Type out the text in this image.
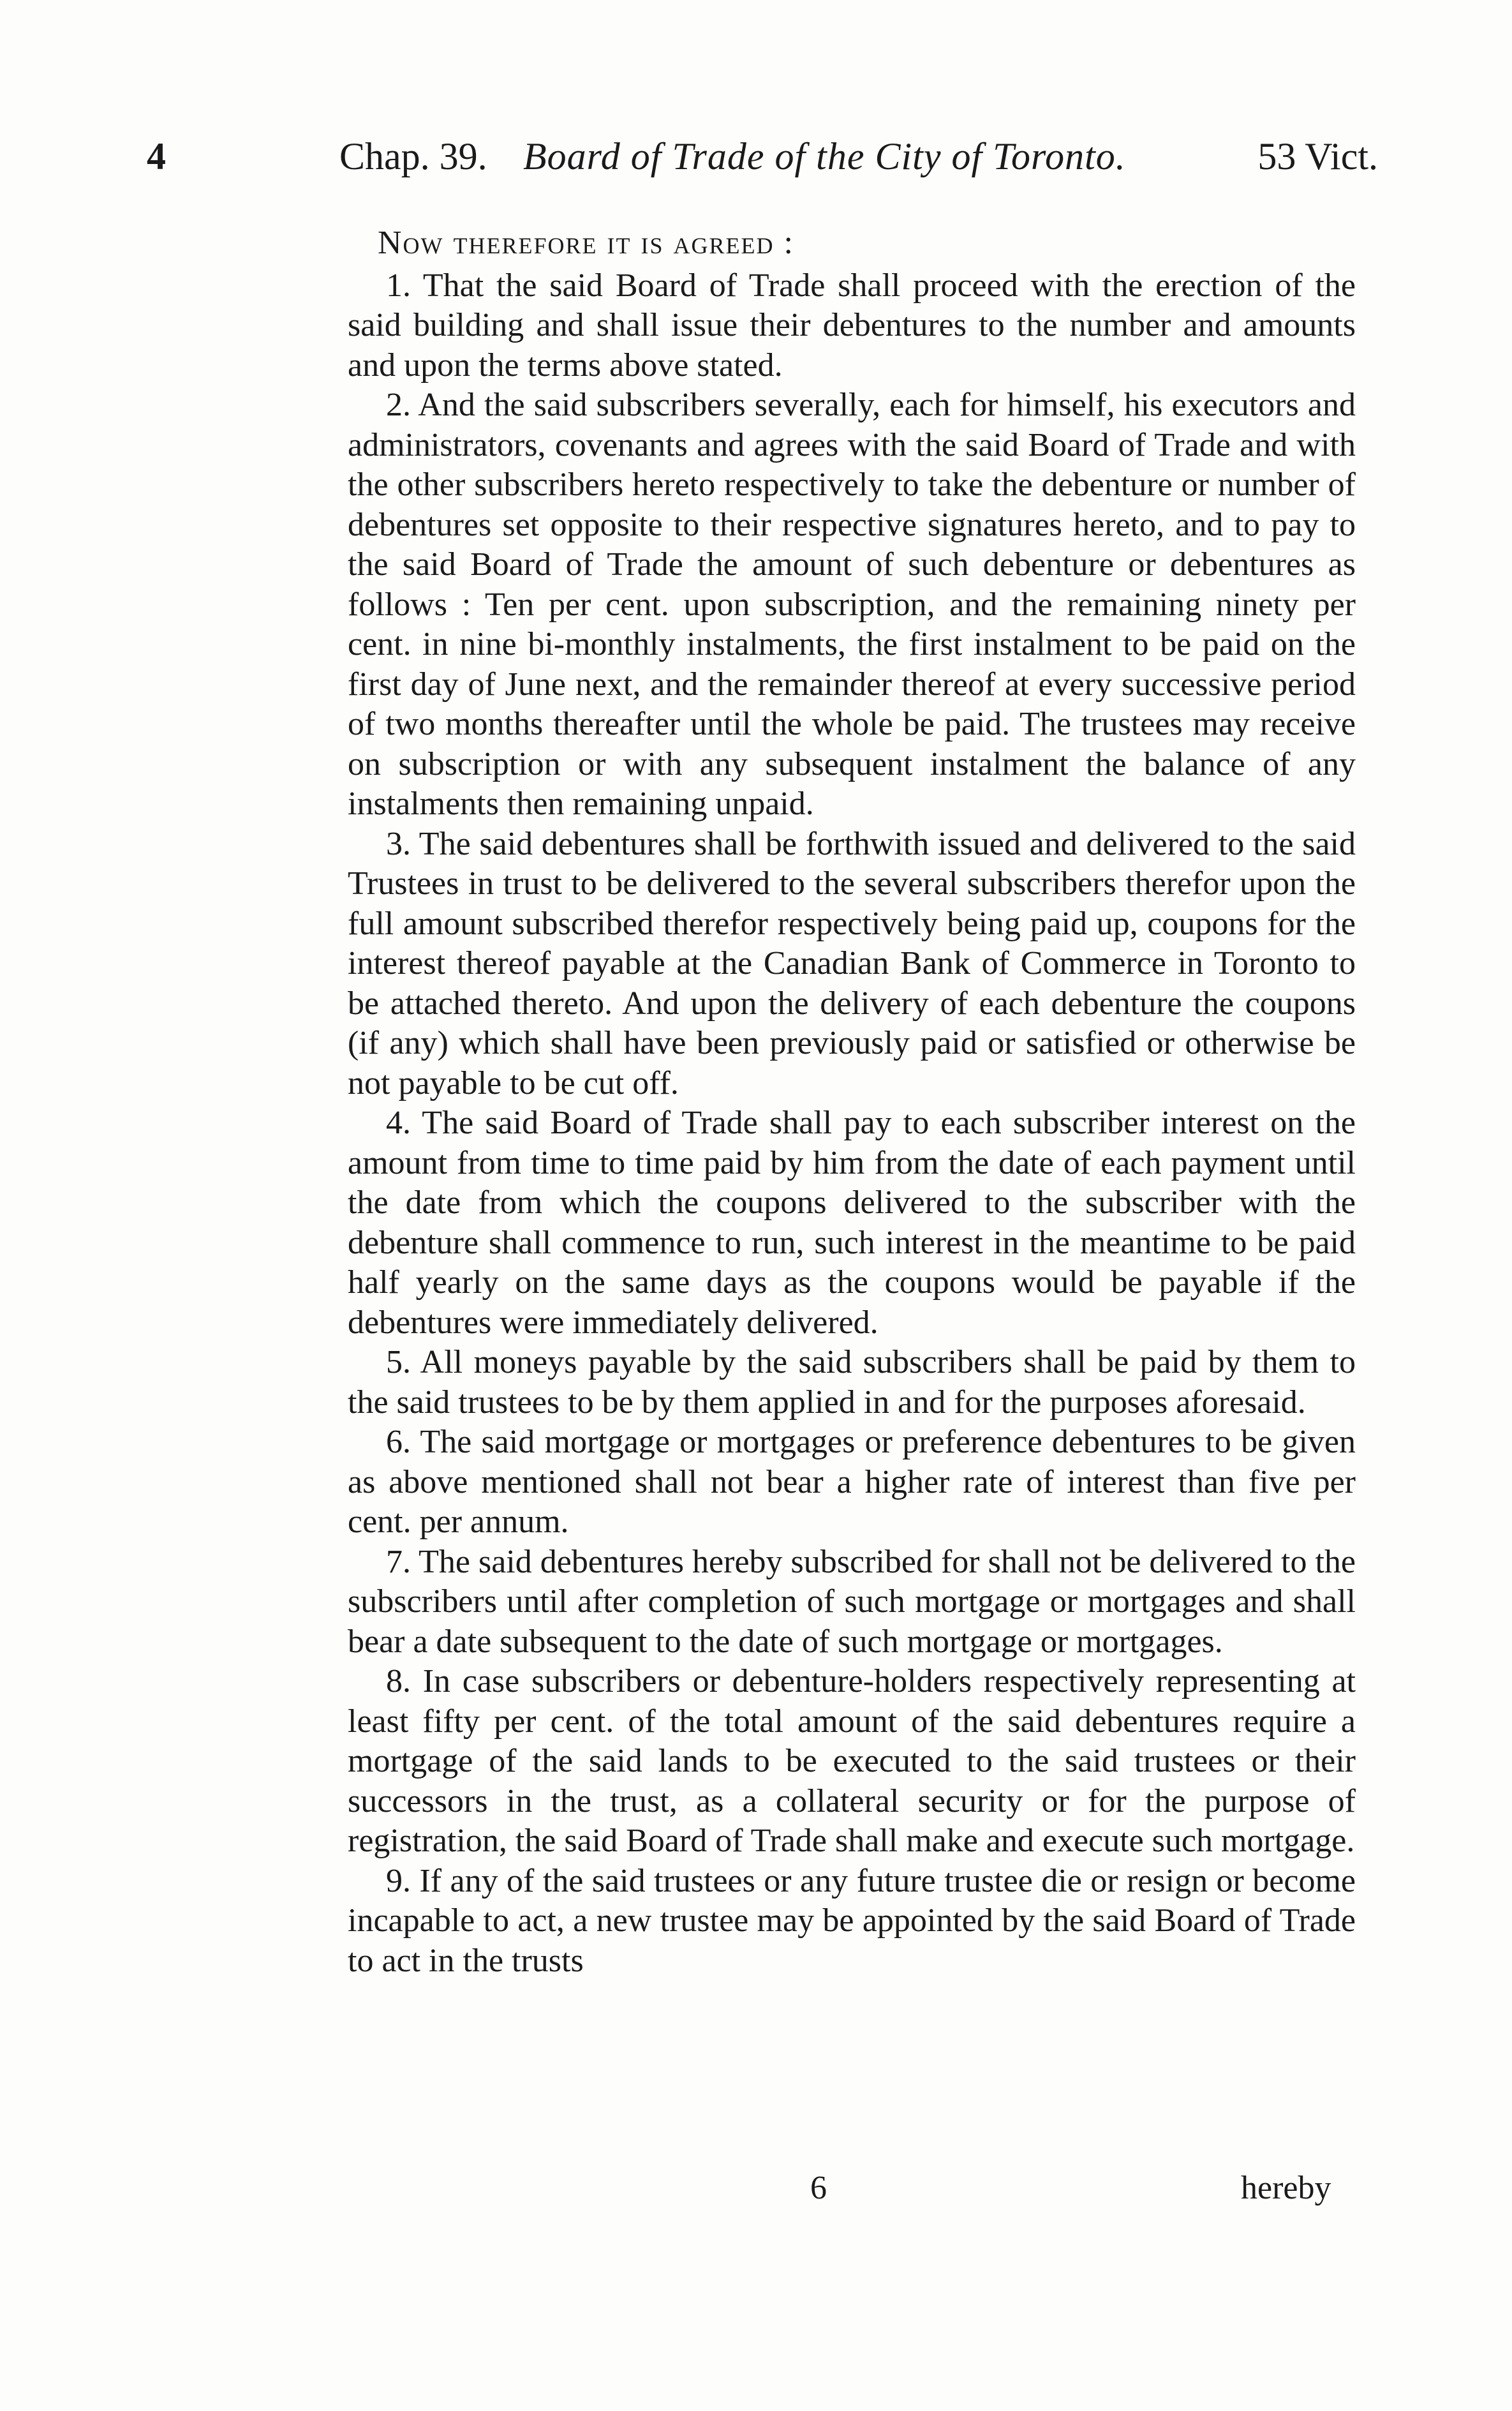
4	Chap. 39. Board of Trade of the City of Toronto.	53 Vict.

Now therefore it is agreed :

1. That the said Board of Trade shall proceed with the erection of the said building and shall issue their debentures to the number and amounts and upon the terms above stated.

2. And the said subscribers severally, each for himself, his executors and administrators, covenants and agrees with the said Board of Trade and with the other subscribers hereto respectively to take the debenture or number of debentures set opposite to their respective signatures hereto, and to pay to the said Board of Trade the amount of such debenture or debentures as follows : Ten per cent. upon subscription, and the remaining ninety per cent. in nine bi-monthly instalments, the first instalment to be paid on the first day of June next, and the remainder thereof at every successive period of two months thereafter until the whole be paid. The trustees may receive on subscription or with any subsequent instalment the balance of any instalments then remaining unpaid.

3. The said debentures shall be forthwith issued and delivered to the said Trustees in trust to be delivered to the several subscribers therefor upon the full amount subscribed therefor respectively being paid up, coupons for the interest thereof payable at the Canadian Bank of Commerce in Toronto to be attached thereto. And upon the delivery of each debenture the coupons (if any) which shall have been previously paid or satisfied or otherwise be not payable to be cut off.

4. The said Board of Trade shall pay to each subscriber interest on the amount from time to time paid by him from the date of each payment until the date from which the coupons delivered to the subscriber with the debenture shall commence to run, such interest in the meantime to be paid half yearly on the same days as the coupons would be payable if the debentures were immediately delivered.

5. All moneys payable by the said subscribers shall be paid by them to the said trustees to be by them applied in and for the purposes aforesaid.

6. The said mortgage or mortgages or preference debentures to be given as above mentioned shall not bear a higher rate of interest than five per cent. per annum.

7. The said debentures hereby subscribed for shall not be delivered to the subscribers until after completion of such mortgage or mortgages and shall bear a date subsequent to the date of such mortgage or mortgages.

8. In case subscribers or debenture-holders respectively representing at least fifty per cent. of the total amount of the said debentures require a mortgage of the said lands to be executed to the said trustees or their successors in the trust, as a collateral security or for the purpose of registration, the said Board of Trade shall make and execute such mortgage.

9. If any of the said trustees or any future trustee die or resign or become incapable to act, a new trustee may be appointed by the said Board of Trade to act in the trusts

6	hereby
